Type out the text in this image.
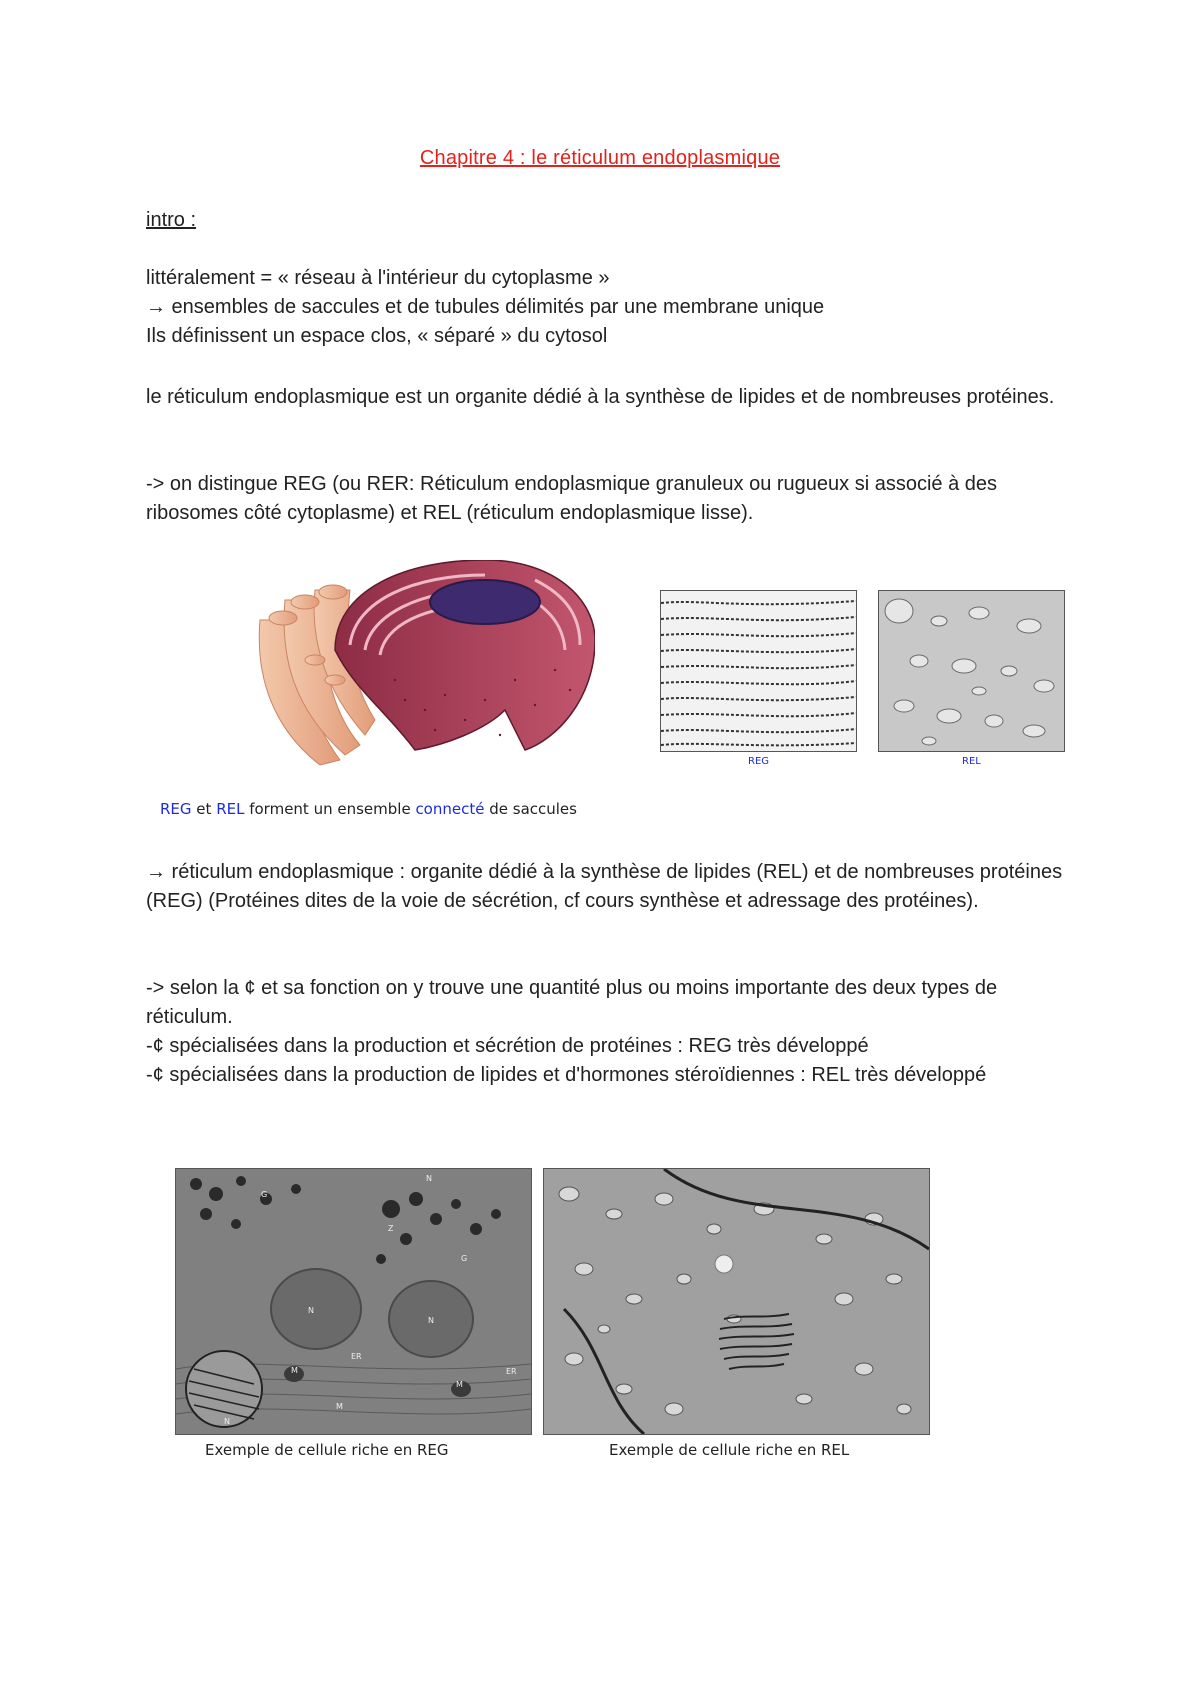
Chapitre 4 : le réticulum endoplasmique
intro :

littéralement = « réseau à l'intérieur du cytoplasme »

→ ensembles de saccules et de tubules délimités par une membrane unique

Ils définissent un espace clos, « séparé » du cytosol

le réticulum endoplasmique est un organite dédié à la synthèse de lipides et de nombreuses protéines.

-> on distingue REG (ou RER: Réticulum endoplasmique granuleux ou rugueux si associé à des ribosomes côté cytoplasme) et REL (réticulum endoplasmique lisse).

REG	REL
REG et REL forment un ensemble connecté de saccules

→ réticulum endoplasmique : organite dédié à la synthèse de lipides (REL) et de nombreuses protéines (REG) (Protéines dites de la voie de sécrétion, cf cours synthèse et adressage des protéines).

-> selon la ¢ et sa fonction on y trouve une quantité plus ou moins importante des deux types de réticulum.

-¢ spécialisées dans la production et sécrétion de protéines : REG très développé

-¢ spécialisées dans la production de lipides et d'hormones stéroïdiennes : REL très développé

N
G
Z
G
N
N
M
ER
M
ER
M
N
Exemple de cellule riche en REG	Exemple de cellule riche en REL
